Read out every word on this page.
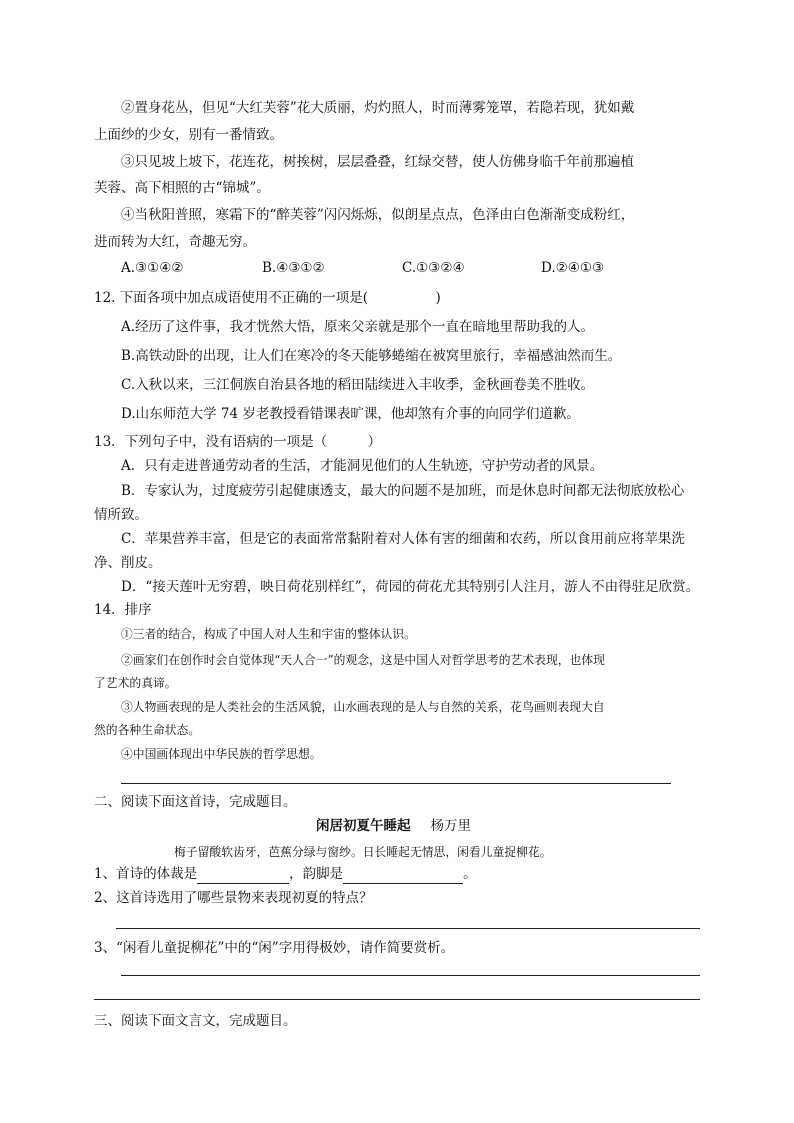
②置身花丛，但见“大红芙蓉”花大质丽，灼灼照人，时而薄雾笼罩，若隐若现，犹如戴
上面纱的少女，别有一番情致。
③只见坡上坡下，花连花，树挨树，层层叠叠，红绿交替，使人仿佛身临千年前那遍植
芙蓉、高下相照的古“锦城”。
④当秋阳普照，寒霜下的“醉芙蓉”闪闪烁烁，似朗星点点，色泽由白色渐渐变成粉红，
进而转为大红，奇趣无穷。
A.③①④②	B.④③①②	C.①③②④	D.②④①③
12. 下面各项中加点成语使用不正确的一项是(　　　　　)
A.经历了这件事，我才恍然大悟，原来父亲就是那个一直在暗地里帮助我的人。
B.高铁动卧的出现，让人们在寒冷的冬天能够蜷缩在被窝里旅行，幸福感油然而生。
C.入秋以来，三江侗族自治县各地的稻田陆续进入丰收季，金秋画卷美不胜收。
D.山东师范大学 74 岁老教授看错课表旷课，他却煞有介事的向同学们道歉。
13．下列句子中，没有语病的一项是（　　　）
A．只有走进普通劳动者的生活，才能洞见他们的人生轨迹，守护劳动者的风景。
B．专家认为，过度疲劳引起健康透支，最大的问题不是加班，而是休息时间都无法彻底放松心
情所致。
C．苹果营养丰富，但是它的表面常常黏附着对人体有害的细菌和农药，所以食用前应将苹果洗
净、削皮。
D．“接天莲叶无穷碧，映日荷花别样红”，荷园的荷花尤其特别引人注月，游人不由得驻足欣赏。
14．排序
①三者的结合，构成了中国人对人生和宇宙的整体认识。
②画家们在创作时会自觉体现“天人合一”的观念，这是中国人对哲学思考的艺术表现，也体现
了艺术的真谛。
③人物画表现的是人类社会的生活风貌，山水画表现的是人与自然的关系，花鸟画则表现大自
然的各种生命状态。
④中国画体现出中华民族的哲学思想。
二、阅读下面这首诗，完成题目。
闲居初夏午睡起 杨万里
梅子留酸软齿牙，芭蕉分绿与窗纱。日长睡起无情思，闲看儿童捉柳花。
1、首诗的体裁是	，韵脚是	。
2、这首诗选用了哪些景物来表现初夏的特点？
3、“闲看儿童捉柳花”中的“闲”字用得极妙，请作简要赏析。
三、阅读下面文言文，完成题目。
